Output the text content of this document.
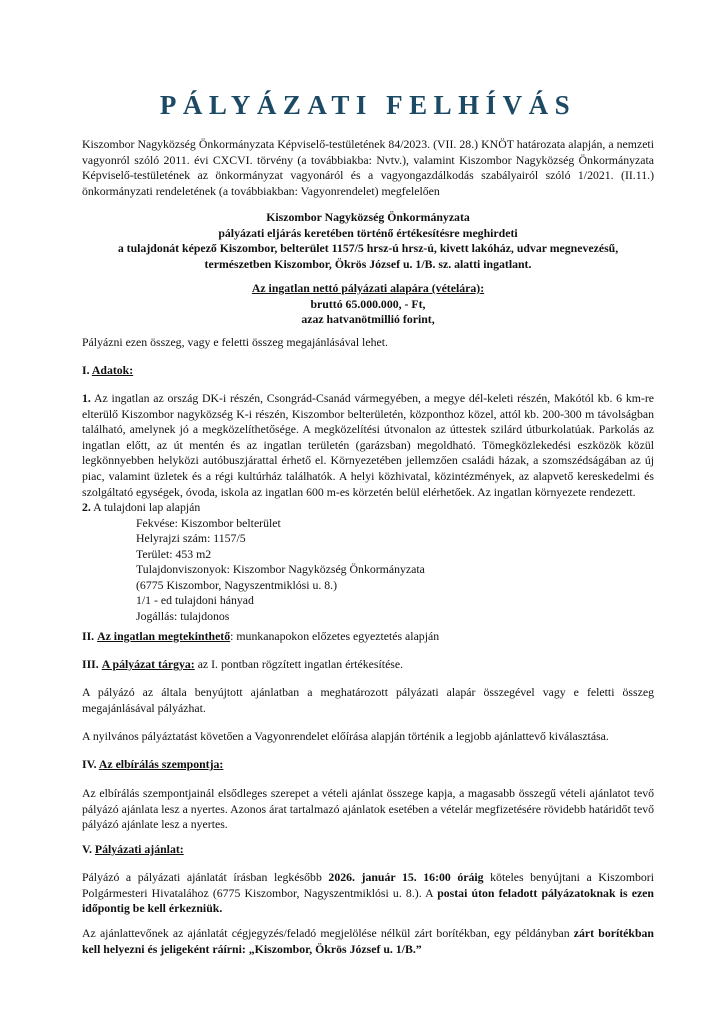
PÁLYÁZATI FELHÍVÁS

Kiszombor Nagyközség Önkormányzata Képviselő-testületének 84/2023. (VII. 28.) KNÖT határozata alapján, a nemzeti vagyonról szóló 2011. évi CXCVI. törvény (a továbbiakba: Nvtv.), valamint Kiszombor Nagyközség Önkormányzata Képviselő-testületének az önkormányzat vagyonáról és a vagyongazdálkodás szabályairól szóló 1/2021. (II.11.) önkormányzati rendeletének (a továbbiakban: Vagyonrendelet) megfelelően

Kiszombor Nagyközség Önkormányzata
pályázati eljárás keretében történő értékesítésre meghirdeti
a tulajdonát képező Kiszombor, belterület 1157/5 hrsz-ú hrsz-ú, kivett lakóház, udvar megnevezésű,
természetben Kiszombor, Ökrös József u. 1/B. sz. alatti ingatlant.
Az ingatlan nettó pályázati alapára (vételára):
bruttó 65.000.000, - Ft,
azaz hatvanötmillió forint,

Pályázni ezen összeg, vagy e feletti összeg megajánlásával lehet.

I. Adatok:

1. Az ingatlan az ország DK-i részén, Csongrád-Csanád vármegyében, a megye dél-keleti részén, Makótól kb. 6 km-re elterülő Kiszombor nagyközség K-i részén, Kiszombor belterületén, központhoz közel, attól kb. 200-300 m távolságban található, amelynek jó a megközelíthetősége. A megközelítési útvonalon az úttestek szilárd útburkolatúak. Parkolás az ingatlan előtt, az út mentén és az ingatlan területén (garázsban) megoldható. Tömegközlekedési eszközök közül legkönnyebben helyközi autóbuszjárattal érhető el. Környezetében jellemzően családi házak, a szomszédságában az új piac, valamint üzletek és a régi kultúrház találhatók. A helyi közhivatal, közintézmények, az alapvető kereskedelmi és szolgáltató egységek, óvoda, iskola az ingatlan 600 m-es körzetén belül elérhetőek. Az ingatlan környezete rendezett.

2. A tulajdoni lap alapján

Fekvése: Kiszombor belterület
Helyrajzi szám: 1157/5
Terület: 453 m2
Tulajdonviszonyok: Kiszombor Nagyközség Önkormányzata
(6775 Kiszombor, Nagyszentmiklósi u. 8.)
1/1 - ed tulajdoni hányad
Jogállás: tulajdonos

II. Az ingatlan megtekinthető: munkanapokon előzetes egyeztetés alapján

III. A pályázat tárgya: az I. pontban rögzített ingatlan értékesítése.

A pályázó az általa benyújtott ajánlatban a meghatározott pályázati alapár összegével vagy e feletti összeg megajánlásával pályázhat.

A nyilvános pályáztatást követően a Vagyonrendelet előírása alapján történik a legjobb ajánlattevő kiválasztása.

IV. Az elbírálás szempontja:

Az elbírálás szempontjainál elsődleges szerepet a vételi ajánlat összege kapja, a magasabb összegű vételi ajánlatot tevő pályázó ajánlata lesz a nyertes. Azonos árat tartalmazó ajánlatok esetében a vételár megfizetésére rövidebb határidőt tevő pályázó ajánlate lesz a nyertes.

V. Pályázati ajánlat:

Pályázó a pályázati ajánlatát írásban legkésőbb 2026. január 15. 16:00 óráig köteles benyújtani a Kiszombori Polgármesteri Hivatalához (6775 Kiszombor, Nagyszentmiklósi u. 8.). A postai úton feladott pályázatoknak is ezen időpontig be kell érkezniük.

Az ajánlattevőnek az ajánlatát cégjegyzés/feladó megjelölése nélkül zárt borítékban, egy példányban zárt borítékban kell helyezni és jeligeként ráírni: „Kiszombor, Ökrös József u. 1/B.”
